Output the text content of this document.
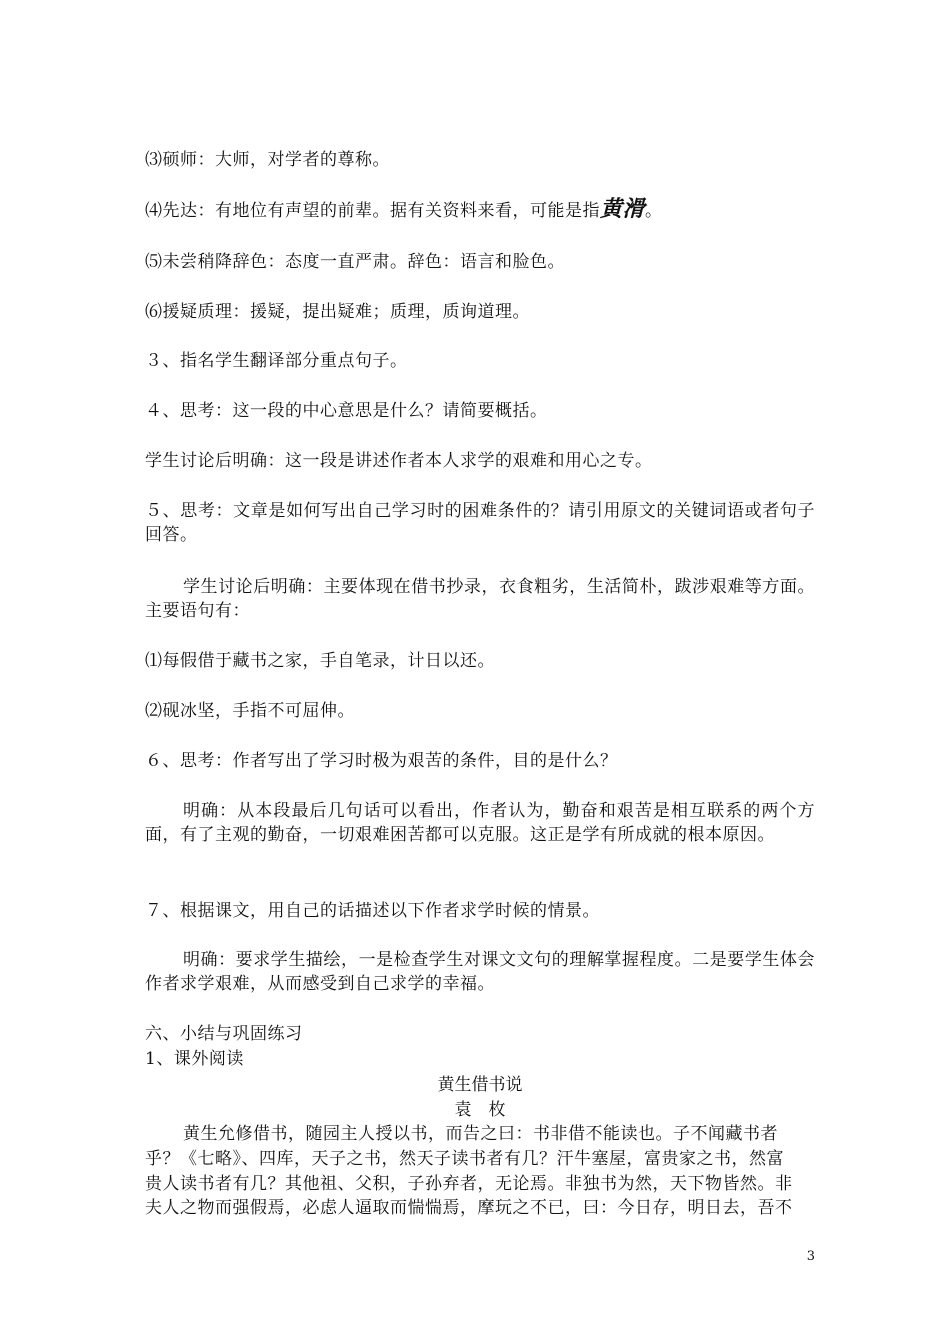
⑶硕师：大师，对学者的尊称。
⑷先达：有地位有声望的前辈。据有关资料来看，可能是指黄滑。
⑸未尝稍降辞色：态度一直严肃。辞色：语言和脸色。
⑹援疑质理：援疑，提出疑难；质理，质询道理。
３、指名学生翻译部分重点句子。
４、思考：这一段的中心意思是什么？请简要概括。
学生讨论后明确：这一段是讲述作者本人求学的艰难和用心之专。
５、思考：文章是如何写出自己学习时的困难条件的？请引用原文的关键词语或者句子回答。
学生讨论后明确：主要体现在借书抄录，衣食粗劣，生活简朴，跋涉艰难等方面。主要语句有：
⑴每假借于藏书之家，手自笔录，计日以还。
⑵砚冰坚，手指不可屈伸。
６、思考：作者写出了学习时极为艰苦的条件，目的是什么？
明确：从本段最后几句话可以看出，作者认为，勤奋和艰苦是相互联系的两个方面，有了主观的勤奋，一切艰难困苦都可以克服。这正是学有所成就的根本原因。
７、根据课文，用自己的话描述以下作者求学时候的情景。
明确：要求学生描绘，一是检查学生对课文文句的理解掌握程度。二是要学生体会作者求学艰难，从而感受到自己求学的幸福。
六、小结与巩固练习
1、课外阅读
黄生借书说
袁　枚
黄生允修借书，随园主人授以书，而告之曰：书非借不能读也。子不闻藏书者
乎？《七略》、四库，天子之书，然天子读书者有几？汗牛塞屋，富贵家之书，然富
贵人读书者有几？其他祖、父积，子孙弃者，无论焉。非独书为然，天下物皆然。非
夫人之物而强假焉，必虑人逼取而惴惴焉，摩玩之不已，曰：今日存，明日去，吾不
3
